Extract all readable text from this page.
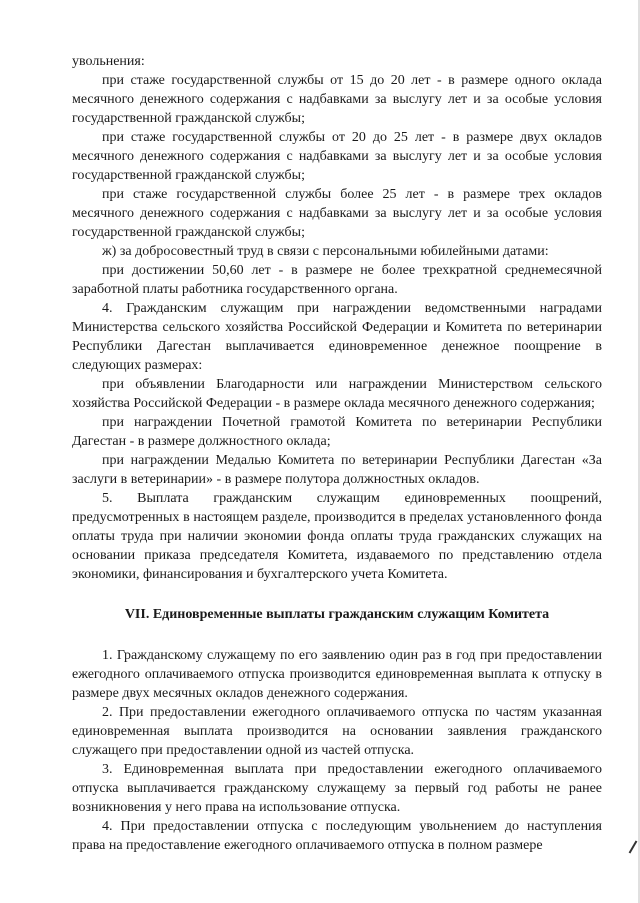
увольнения:

при стаже государственной службы от 15 до 20 лет - в размере одного оклада месячного денежного содержания с надбавками за выслугу лет и за особые условия государственной гражданской службы;

при стаже государственной службы от 20 до 25 лет - в размере двух окладов месячного денежного содержания с надбавками за выслугу лет и за особые условия государственной гражданской службы;

при стаже государственной службы более 25 лет - в размере трех окладов месячного денежного содержания с надбавками за выслугу лет и за особые условия государственной гражданской службы;

ж) за добросовестный труд в связи с персональными юбилейными датами:

при достижении 50,60 лет - в размере не более трехкратной среднемесячной заработной платы работника государственного органа.

4. Гражданским служащим при награждении ведомственными наградами Министерства сельского хозяйства Российской Федерации и Комитета по ветеринарии Республики Дагестан выплачивается единовременное денежное поощрение в следующих размерах:

при объявлении Благодарности или награждении Министерством сельского хозяйства Российской Федерации - в размере оклада месячного денежного содержания;

при награждении Почетной грамотой Комитета по ветеринарии Республики Дагестан - в размере должностного оклада;

при награждении Медалью Комитета по ветеринарии Республики Дагестан «За заслуги в ветеринарии» - в размере полутора должностных окладов.

5. Выплата гражданским служащим единовременных поощрений, предусмотренных в настоящем разделе, производится в пределах установленного фонда оплаты труда при наличии экономии фонда оплаты труда гражданских служащих на основании приказа председателя Комитета, издаваемого по представлению отдела экономики, финансирования и бухгалтерского учета Комитета.

VII. Единовременные выплаты гражданским служащим Комитета

1. Гражданскому служащему по его заявлению один раз в год при предоставлении ежегодного оплачиваемого отпуска производится единовременная выплата к отпуску в размере двух месячных окладов денежного содержания.

2. При предоставлении ежегодного оплачиваемого отпуска по частям указанная единовременная выплата производится на основании заявления гражданского служащего при предоставлении одной из частей отпуска.

3. Единовременная выплата при предоставлении ежегодного оплачиваемого отпуска выплачивается гражданскому служащему за первый год работы не ранее возникновения у него права на использование отпуска.

4. При предоставлении отпуска с последующим увольнением до наступления права на предоставление ежегодного оплачиваемого отпуска в полном размере
